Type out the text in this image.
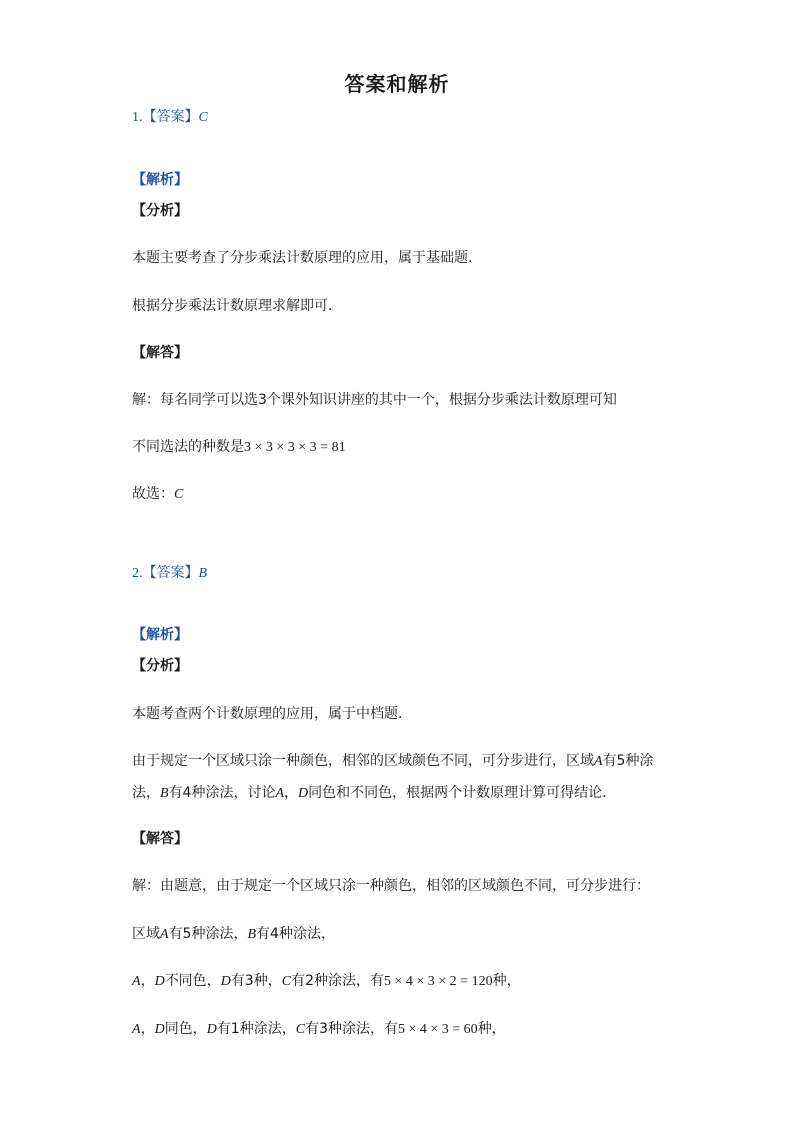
答案和解析
1.【答案】C
【解析】
【分析】
本题主要考查了分步乘法计数原理的应用，属于基础题．
根据分步乘法计数原理求解即可．
【解答】
解：每名同学可以选3个课外知识讲座的其中一个，根据分步乘法计数原理可知
不同选法的种数是3 × 3 × 3 × 3 = 81
故选：C
2.【答案】B
【解析】
【分析】
本题考查两个计数原理的应用，属于中档题．
由于规定一个区域只涂一种颜色，相邻的区域颜色不同，可分步进行，区域A有5种涂
法，B有4种涂法，讨论A，D同色和不同色，根据两个计数原理计算可得结论．
【解答】
解：由题意，由于规定一个区域只涂一种颜色，相邻的区域颜色不同，可分步进行：
区域A有5种涂法，B有4种涂法，
A，D不同色，D有3种，C有2种涂法，有5 × 4 × 3 × 2 = 120种，
A，D同色，D有1种涂法，C有3种涂法，有5 × 4 × 3 = 60种，
